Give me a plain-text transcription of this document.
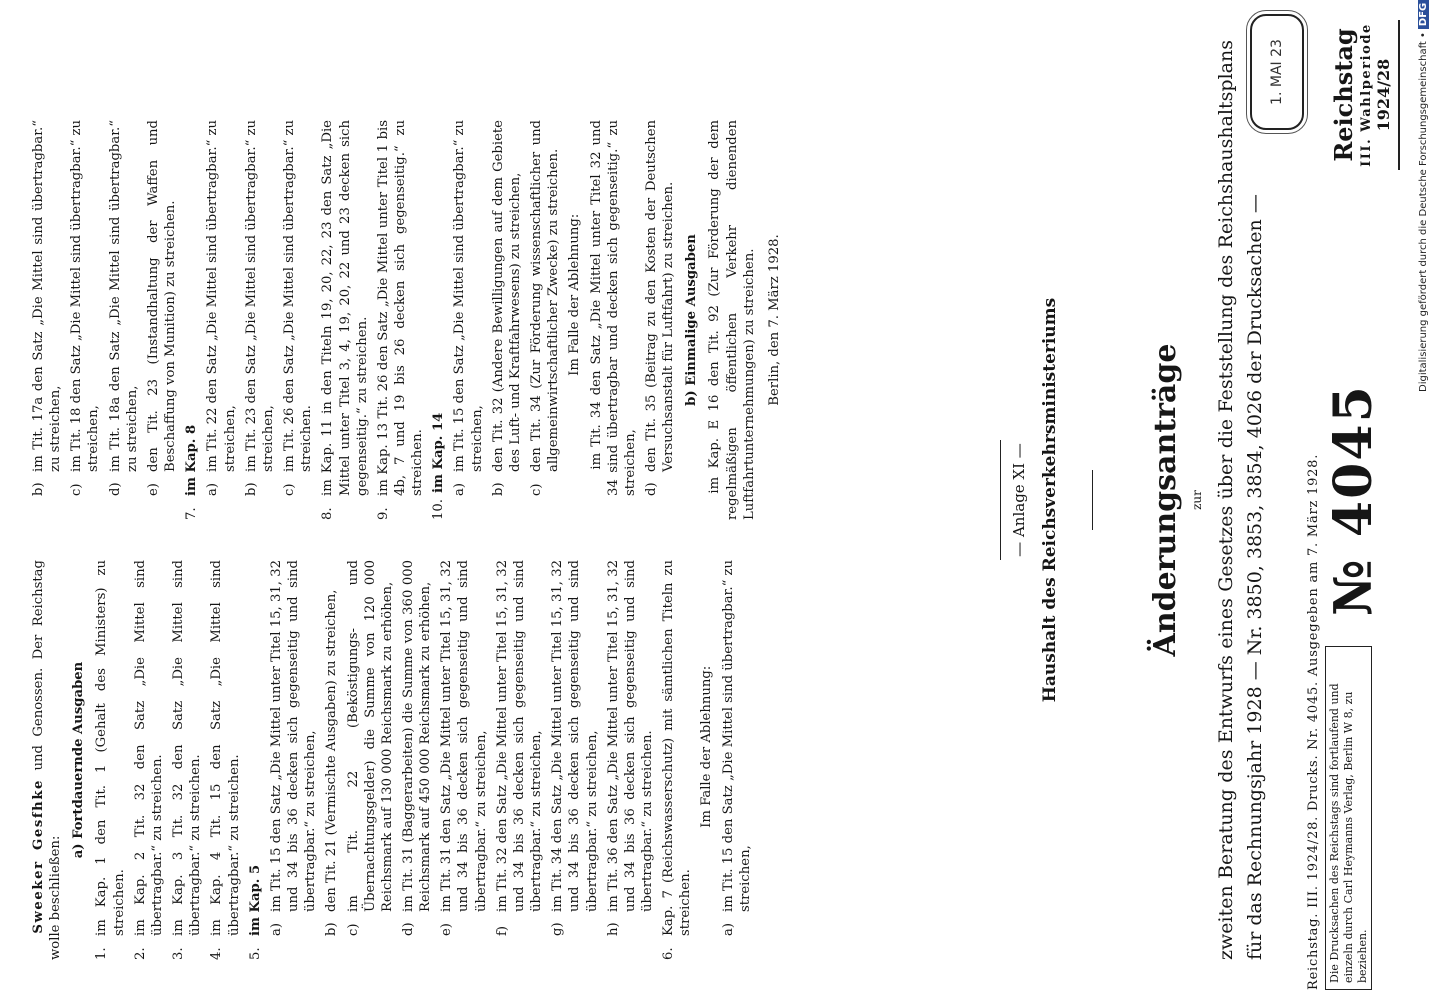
1. MAI 23
№ 4045
Reichstag III. Wahlperiode 1924/28
Änderungsanträge zur zweiten Beratung des Entwurfs eines Gesetzes über die Feststellung des Reichshaushaltsplans für das Rechnungsjahr 1928 — Nr. 3850, 3853, 3854, 4026 der Drucksachen —
Haushalt des Reichsverkehrsministeriums
— Anlage XI —

Sweeker Gesfhke und Genossen. Der Reichstag wolle beschließen:

a) Fortdauernde Ausgaben
1.
im Kap. 1 den Tit. 1 (Gehalt des Ministers) zu streichen.
2.
im Kap. 2 Tit. 32 den Satz „Die Mittel sind übertragbar.“ zu streichen.
3.
im Kap. 3 Tit. 32 den Satz „Die Mittel sind übertragbar.“ zu streichen.
4.
im Kap. 4 Tit. 15 den Satz „Die Mittel sind übertragbar.“ zu streichen.
5.
im Kap. 5 a)
im Tit. 15 den Satz „Die Mittel unter Titel 15, 31, 32 und 34 bis 36 decken sich gegenseitig und sind übertragbar.“ zu streichen,
b)
den Tit. 21 (Vermischte Ausgaben) zu streichen,
c)
im Tit. 22 (Beköstigungs- und Übernachtungsgelder) die Summe von 120 000 Reichsmark auf 130 000 Reichsmark zu erhöhen,
d)
im Tit. 31 (Baggerarbeiten) die Summe von 360 000 Reichsmark auf 450 000 Reichsmark zu erhöhen,
e)
im Tit. 31 den Satz „Die Mittel unter Titel 15, 31, 32 und 34 bis 36 decken sich gegenseitig und sind übertragbar.“ zu streichen,
f)
im Tit. 32 den Satz „Die Mittel unter Titel 15, 31, 32 und 34 bis 36 decken sich gegenseitig und sind übertragbar.“ zu streichen,
g)
im Tit. 34 den Satz „Die Mittel unter Titel 15, 31, 32 und 34 bis 36 decken sich gegenseitig und sind übertragbar.“ zu streichen,
h)
im Tit. 36 den Satz „Die Mittel unter Titel 15, 31, 32 und 34 bis 36 decken sich gegenseitig und sind übertragbar.“ zu streichen.
6.
Kap. 7 (Reichswasserschutz) mit sämtlichen Titeln zu streichen.

Im Falle der Ablehnung:

a)
im Tit. 15 den Satz „Die Mittel sind übertragbar.“ zu streichen,
b)
im Tit. 17a den Satz „Die Mittel sind übertragbar.“ zu streichen,
c)
im Tit. 18 den Satz „Die Mittel sind übertragbar.“ zu streichen,
d)
im Tit. 18a den Satz „Die Mittel sind übertragbar.“ zu streichen,
e)
den Tit. 23 (Instandhaltung der Waffen und Beschaffung von Munition) zu streichen.
7.
im Kap. 8 a)
im Tit. 22 den Satz „Die Mittel sind übertragbar.“ zu streichen,
b)
im Tit. 23 den Satz „Die Mittel sind übertragbar.“ zu streichen,
c)
im Tit. 26 den Satz „Die Mittel sind übertragbar.“ zu streichen.
8.
im Kap. 11 in den Titeln 19, 20, 22, 23 den Satz „Die Mittel unter Titel 3, 4, 19, 20, 22 und 23 decken sich gegenseitig.“ zu streichen.
9.
im Kap. 13 Tit. 26 den Satz „Die Mittel unter Titel 1 bis 4b, 7 und 19 bis 26 decken sich gegenseitig.“ zu streichen.
10.
im Kap. 14 a)
im Tit. 15 den Satz „Die Mittel sind übertragbar.“ zu streichen,
b)
den Tit. 32 (Andere Bewilligungen auf dem Gebiete des Luft- und Kraftfahrwesens) zu streichen,
c)
den Tit. 34 (Zur Förderung wissenschaftlicher und allgemeinwirtschaftlicher Zwecke) zu streichen. Im Falle der Ablehnung: im Tit. 34 den Satz „Die Mittel unter Titel 32 und 34 sind übertragbar und decken sich gegenseitig.“ zu streichen, d)
den Tit. 35 (Beitrag zu den Kosten der Deutschen Versuchsanstalt für Luftfahrt) zu streichen. b) Einmalige Ausgaben im Kap. E 16 den Tit. 92 (Zur Förderung der dem regelmäßigen öffentlichen Verkehr dienenden Luftfahrtunternehmungen) zu streichen. Berlin, den 7. März 1928.
Reichstag. III. 1924/28. Drucks. Nr. 4045. Ausgegeben am 7. März 1928. Die Drucksachen des Reichstags sind fortlaufend und einzeln durch Carl Heymanns Verlag, Berlin W 8, zu beziehen.
Digitalisierung gefördert durch die Deutsche Forschungsgemeinschaft •
DFG
